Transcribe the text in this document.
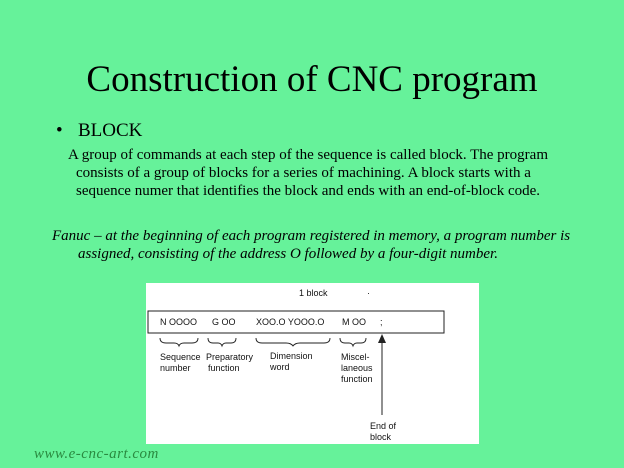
Construction of CNC program
• BLOCK
A group of commands at each step of the sequence is called block. The program consists of a group of blocks for a series of machining. A block starts with a sequence numer that identifies the block and ends with an end-of-block code.
Fanuc – at the beginning of each program registered in memory, a program number is assigned, consisting of the address O followed by a four-digit number.
1 block	·
N OOOO G OO XOO.O YOOO.O M OO ;
Sequence
number
Preparatory
function
Dimension
word
Miscel-
laneous
function
End of
block
www.e-cnc-art.com
